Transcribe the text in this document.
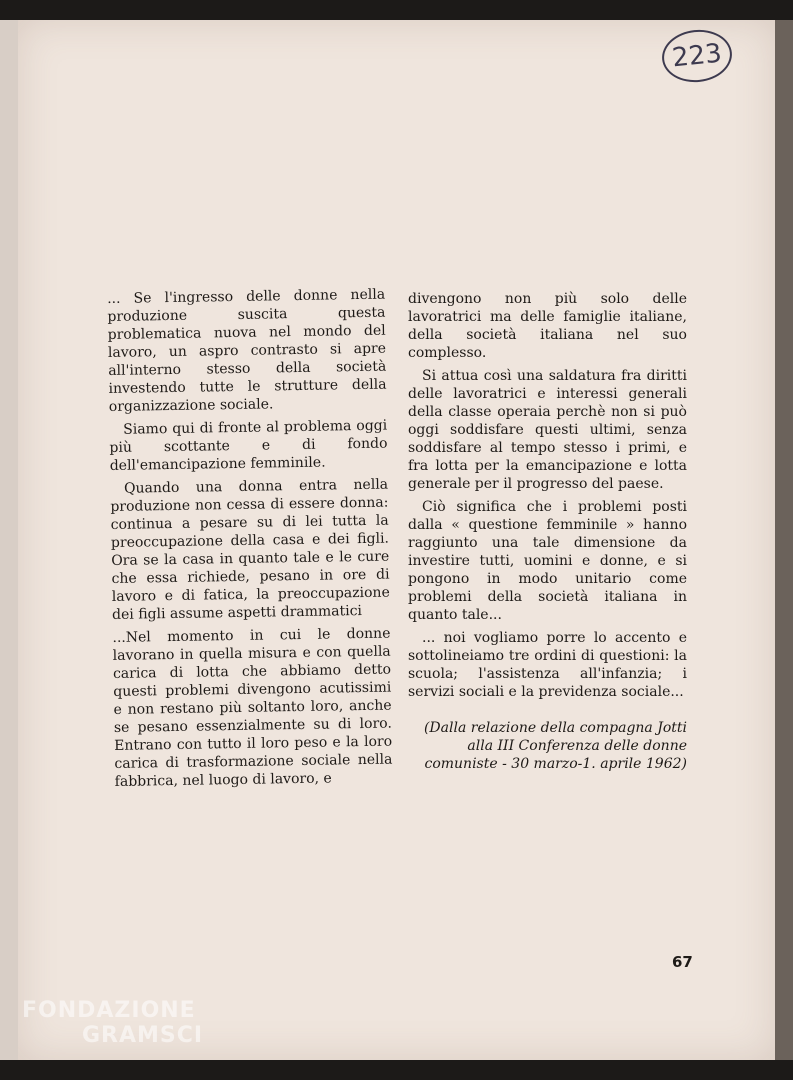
223

... Se l'ingresso delle donne nella produzione suscita questa problematica nuova nel mondo del lavoro, un aspro contrasto si apre all'interno stesso della società investendo tutte le strutture della organizzazione sociale.

Siamo qui di fronte al problema oggi più scottante e di fondo dell'emancipazione femminile.

Quando una donna entra nella produzione non cessa di essere donna: continua a pesare su di lei tutta la preoccupazione della casa e dei figli. Ora se la casa in quanto tale e le cure che essa richiede, pesano in ore di lavoro e di fatica, la preoccupazione dei figli assume aspetti drammatici

...Nel momento in cui le donne lavorano in quella misura e con quella carica di lotta che abbiamo detto questi problemi divengono acutissimi e non restano più soltanto loro, anche se pesano essenzialmente su di loro. Entrano con tutto il loro peso e la loro carica di trasformazione sociale nella fabbrica, nel luogo di lavoro, e

divengono non più solo delle lavoratrici ma delle famiglie italiane, della società italiana nel suo complesso.

Si attua così una saldatura fra diritti delle lavoratrici e interessi generali della classe operaia perchè non si può oggi soddisfare questi ultimi, senza soddisfare al tempo stesso i primi, e fra lotta per la emancipazione e lotta generale per il progresso del paese.

Ciò significa che i problemi posti dalla « questione femminile » hanno raggiunto una tale dimensione da investire tutti, uomini e donne, e si pongono in modo unitario come problemi della società italiana in quanto tale...

... noi vogliamo porre lo accento e sottolineiamo tre ordini di questioni: la scuola; l'assistenza all'infanzia; i servizi sociali e la previdenza sociale...

(Dalla relazione della compagna Jotti alla III Conferenza delle donne comuniste - 30 marzo-1. aprile 1962)
67
FONDAZIONE
GRAMSCI
